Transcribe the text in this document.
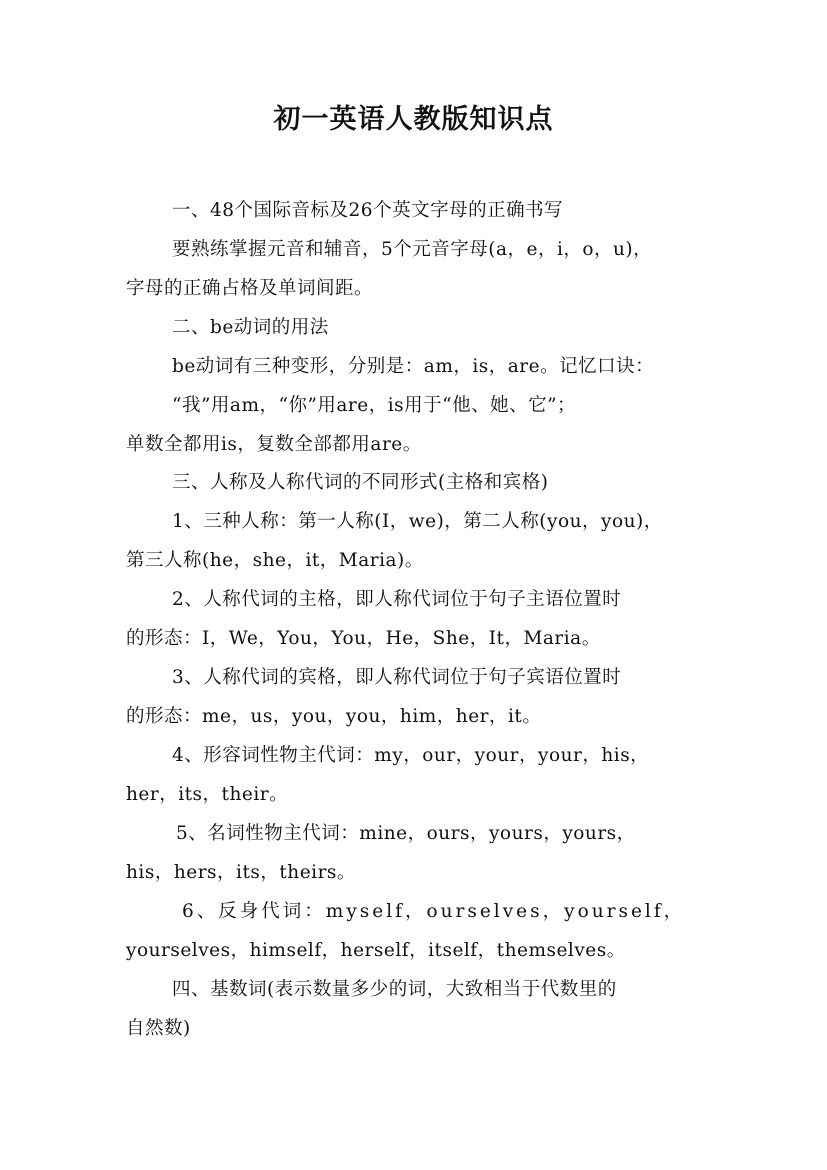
初一英语人教版知识点
一、48个国际音标及26个英文字母的正确书写
要熟练掌握元音和辅音，5个元音字母(a，e，i，o，u)，
字母的正确占格及单词间距。
二、be动词的用法
be动词有三种变形，分别是：am，is，are。记忆口诀：
“我”用am，“你”用are，is用于“他、她、它”；
单数全都用is，复数全部都用are。
三、人称及人称代词的不同形式(主格和宾格)
1、三种人称：第一人称(I，we)，第二人称(you，you)，
第三人称(he，she，it，Maria)。
2、人称代词的主格，即人称代词位于句子主语位置时
的形态：I，We，You，You，He，She，It，Maria。
3、人称代词的宾格，即人称代词位于句子宾语位置时
的形态：me，us，you，you，him，her，it。
4、形容词性物主代词：my，our，your，your，his，
her，its，their。
5、名词性物主代词：mine，ours，yours，yours，
his，hers，its，theirs。
6、反身代词：myself，ourselves，yourself，
yourselves，himself，herself，itself，themselves。
四、基数词(表示数量多少的词，大致相当于代数里的
自然数)
